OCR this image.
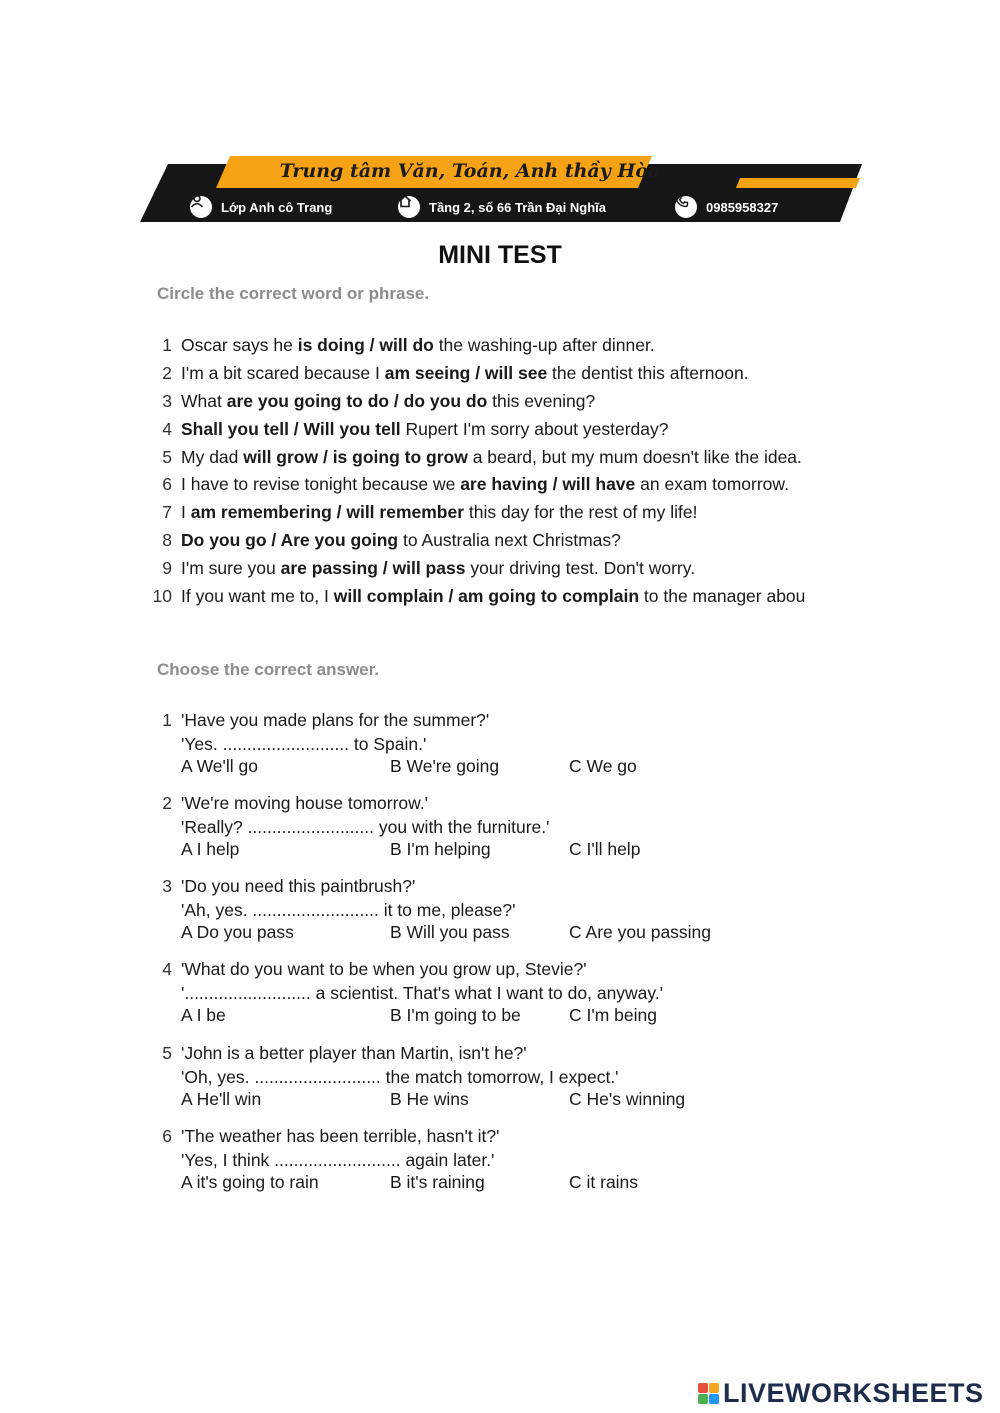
Trung tâm Văn, Toán, Anh thầy Hòa
Lớp Anh cô Trang	Tầng 2, số 66 Trần Đại Nghĩa	0985958327
MINI TEST
Circle the correct word or phrase.
1 Oscar says he is doing / will do the washing-up after dinner.
2 I'm a bit scared because I am seeing / will see the dentist this afternoon.
3 What are you going to do / do you do this evening?
4 Shall you tell / Will you tell Rupert I'm sorry about yesterday?
5 My dad will grow / is going to grow a beard, but my mum doesn't like the idea.
6 I have to revise tonight because we are having / will have an exam tomorrow.
7 I am remembering / will remember this day for the rest of my life!
8 Do you go / Are you going to Australia next Christmas?
9 I'm sure you are passing / will pass your driving test. Don't worry.
10 If you want me to, I will complain / am going to complain to the manager abou
Choose the correct answer.
1 'Have you made plans for the summer?'
'Yes. .......................... to Spain.'
A We'll go	B We're going	C We go
2 'We're moving house tomorrow.'
'Really? .......................... you with the furniture.'
A I help	B I'm helping	C I'll help
3 'Do you need this paintbrush?'
'Ah, yes. .......................... it to me, please?'
A Do you pass	B Will you pass	C Are you passing
4 'What do you want to be when you grow up, Stevie?'
'.......................... a scientist. That's what I want to do, anyway.'
A I be	B I'm going to be	C I'm being
5 'John is a better player than Martin, isn't he?'
'Oh, yes. .......................... the match tomorrow, I expect.'
A He'll win	B He wins	C He's winning
6 'The weather has been terrible, hasn't it?'
'Yes, I think .......................... again later.'
A it's going to rain	B it's raining	C it rains
LIVEWORKSHEETS
